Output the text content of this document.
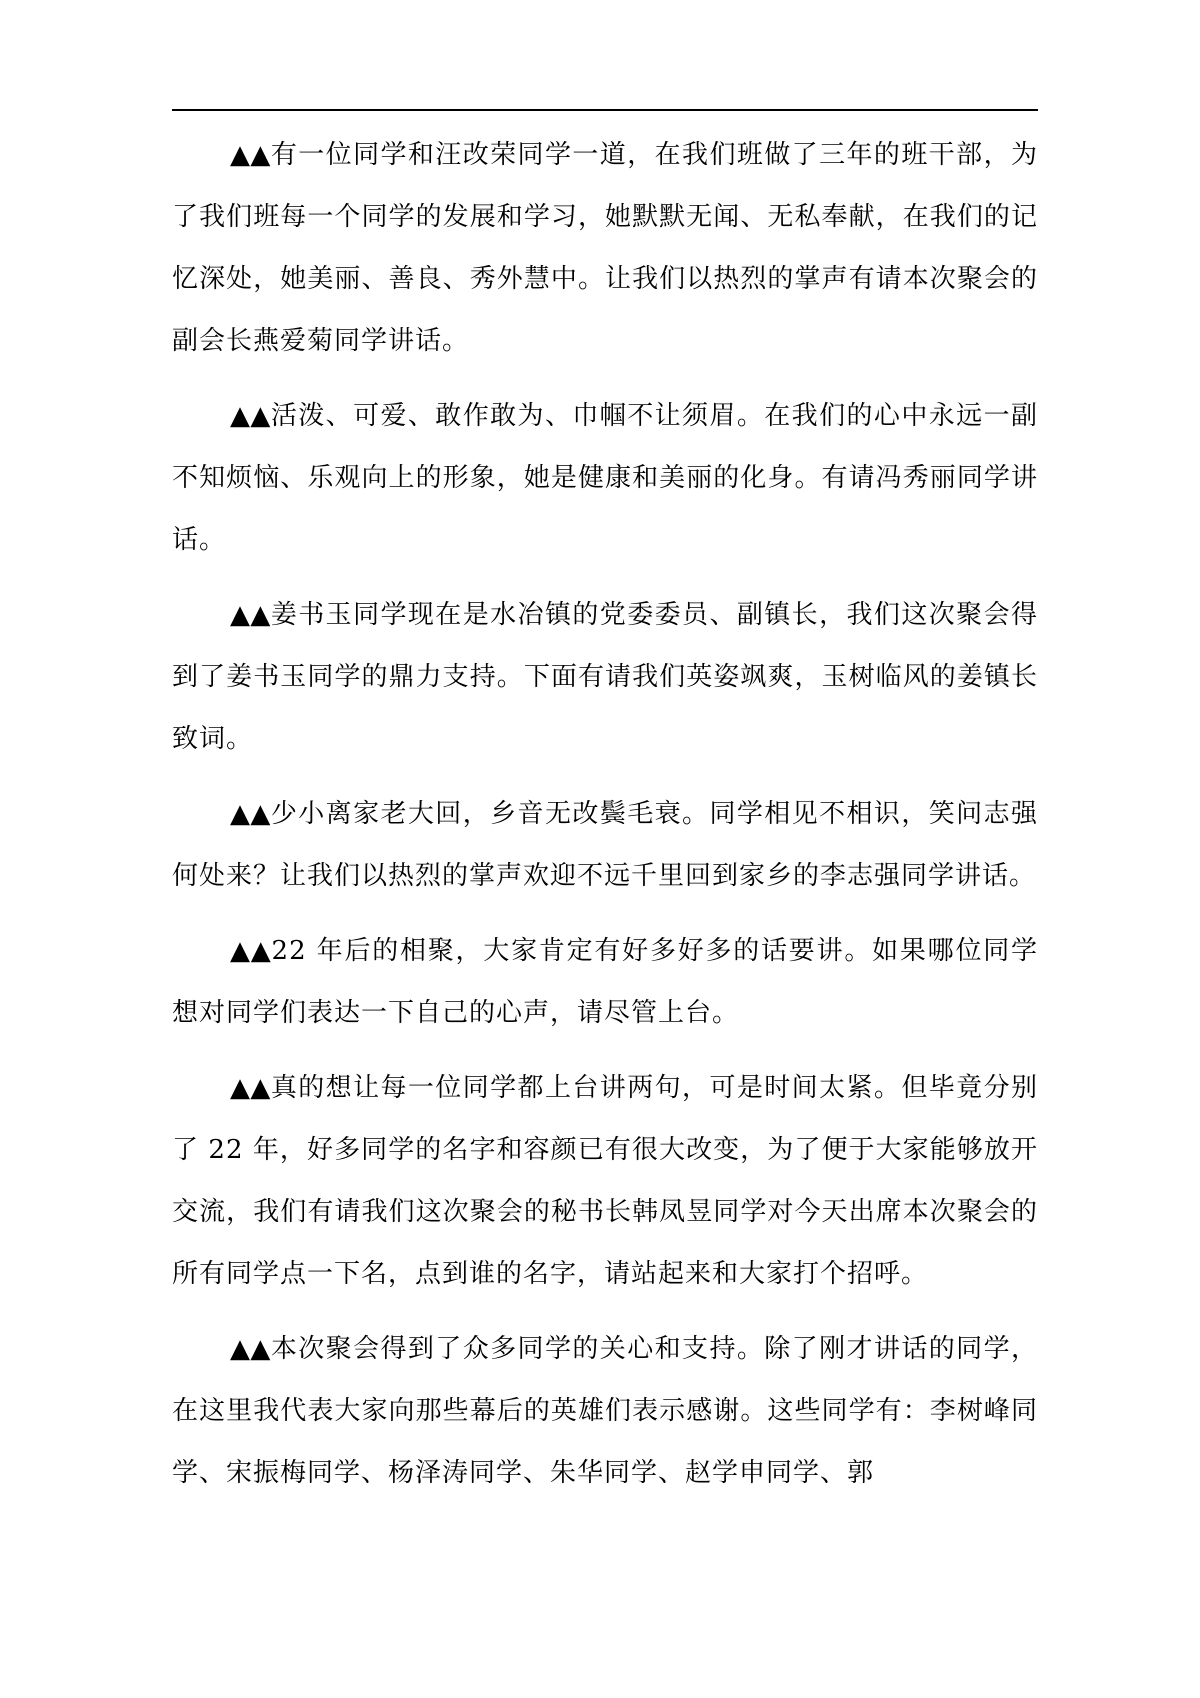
▲▲有一位同学和汪改荣同学一道，在我们班做了三年的班干部，为了我们班每一个同学的发展和学习，她默默无闻、无私奉献，在我们的记忆深处，她美丽、善良、秀外慧中。让我们以热烈的掌声有请本次聚会的副会长燕爱菊同学讲话。

▲▲活泼、可爱、敢作敢为、巾帼不让须眉。在我们的心中永远一副不知烦恼、乐观向上的形象，她是健康和美丽的化身。有请冯秀丽同学讲话。

▲▲姜书玉同学现在是水冶镇的党委委员、副镇长，我们这次聚会得到了姜书玉同学的鼎力支持。下面有请我们英姿飒爽，玉树临风的姜镇长致词。

▲▲少小离家老大回，乡音无改鬓毛衰。同学相见不相识，笑问志强何处来？让我们以热烈的掌声欢迎不远千里回到家乡的李志强同学讲话。

▲▲22 年后的相聚，大家肯定有好多好多的话要讲。如果哪位同学想对同学们表达一下自己的心声，请尽管上台。

▲▲真的想让每一位同学都上台讲两句，可是时间太紧。但毕竟分别了 22 年，好多同学的名字和容颜已有很大改变，为了便于大家能够放开交流，我们有请我们这次聚会的秘书长韩凤昱同学对今天出席本次聚会的所有同学点一下名，点到谁的名字，请站起来和大家打个招呼。

▲▲本次聚会得到了众多同学的关心和支持。除了刚才讲话的同学，在这里我代表大家向那些幕后的英雄们表示感谢。这些同学有：李树峰同学、宋振梅同学、杨泽涛同学、朱华同学、赵学申同学、郭
